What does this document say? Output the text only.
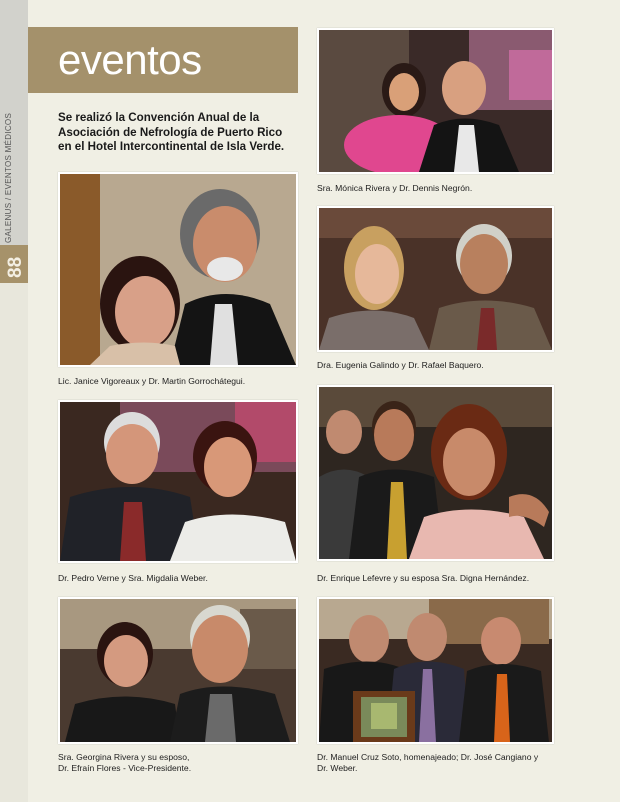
GALENUS / EVENTOS MÉDICOS
88
eventos
Se realizó la Convención Anual de la Asociación de Nefrología de Puerto Rico en el Hotel Intercontinental de Isla Verde.
Sra. Mónica Rivera y Dr. Dennis Negrón.
Lic. Janice Vigoreaux y Dr. Martin Gorrochátegui.
Dra. Eugenia Galindo y Dr. Rafael Baquero.
Dr. Pedro Verne y Sra. Migdalia Weber.	Dr. Enrique Lefevre y su esposa Sra. Digna Hernández.
Sra. Georgina Rivera y su esposo,
Dr. Efraín Flores - Vice-Presidente.
Dr. Manuel Cruz Soto, homenajeado; Dr. José Cangiano y
Dr. Weber.
